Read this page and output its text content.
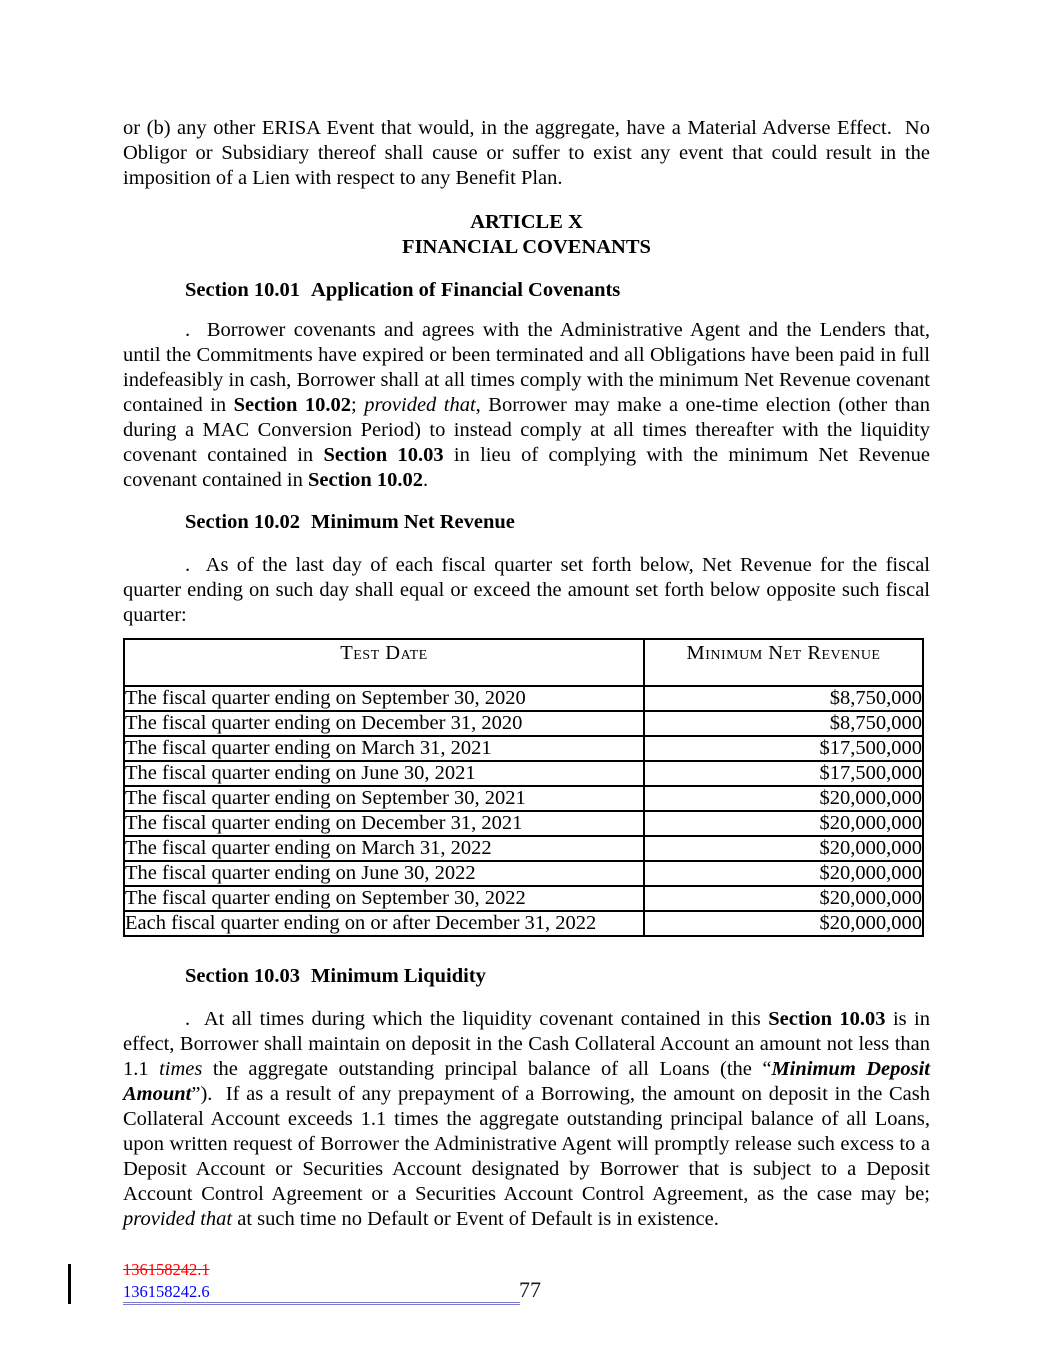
or (b) any other ERISA Event that would, in the aggregate, have a Material Adverse Effect.  No Obligor or Subsidiary thereof shall cause or suffer to exist any event that could result in the imposition of a Lien with respect to any Benefit Plan.

ARTICLE X
FINANCIAL COVENANTS
Section 10.01 Application of Financial Covenants

.  Borrower covenants and agrees with the Administrative Agent and the Lenders that, until the Commitments have expired or been terminated and all Obligations have been paid in full indefeasibly in cash, Borrower shall at all times comply with the minimum Net Revenue covenant contained in Section 10.02; provided that, Borrower may make a one-time election (other than during a MAC Conversion Period) to instead comply at all times thereafter with the liquidity covenant contained in Section 10.03 in lieu of complying with the minimum Net Revenue covenant contained in Section 10.02.

Section 10.02 Minimum Net Revenue

.  As of the last day of each fiscal quarter set forth below, Net Revenue for the fiscal quarter ending on such day shall equal or exceed the amount set forth below opposite such fiscal quarter:

Test Date	Minimum Net Revenue
The fiscal quarter ending on September 30, 2020	$8,750,000
The fiscal quarter ending on December 31, 2020	$8,750,000
The fiscal quarter ending on March 31, 2021	$17,500,000
The fiscal quarter ending on June 30, 2021	$17,500,000
The fiscal quarter ending on September 30, 2021	$20,000,000
The fiscal quarter ending on December 31, 2021	$20,000,000
The fiscal quarter ending on March 31, 2022	$20,000,000
The fiscal quarter ending on June 30, 2022	$20,000,000
The fiscal quarter ending on September 30, 2022	$20,000,000
Each fiscal quarter ending on or after December 31, 2022	$20,000,000
Section 10.03 Minimum Liquidity

.  At all times during which the liquidity covenant contained in this Section 10.03 is in effect, Borrower shall maintain on deposit in the Cash Collateral Account an amount not less than 1.1 times the aggregate outstanding principal balance of all Loans (the “Minimum Deposit Amount”).  If as a result of any prepayment of a Borrowing, the amount on deposit in the Cash Collateral Account exceeds 1.1 times the aggregate outstanding principal balance of all Loans, upon written request of Borrower the Administrative Agent will promptly release such excess to a Deposit Account or Securities Account designated by Borrower that is subject to a Deposit Account Control Agreement or a Securities Account Control Agreement, as the case may be; provided that at such time no Default or Event of Default is in existence.

136158242.1
136158242.6	77
